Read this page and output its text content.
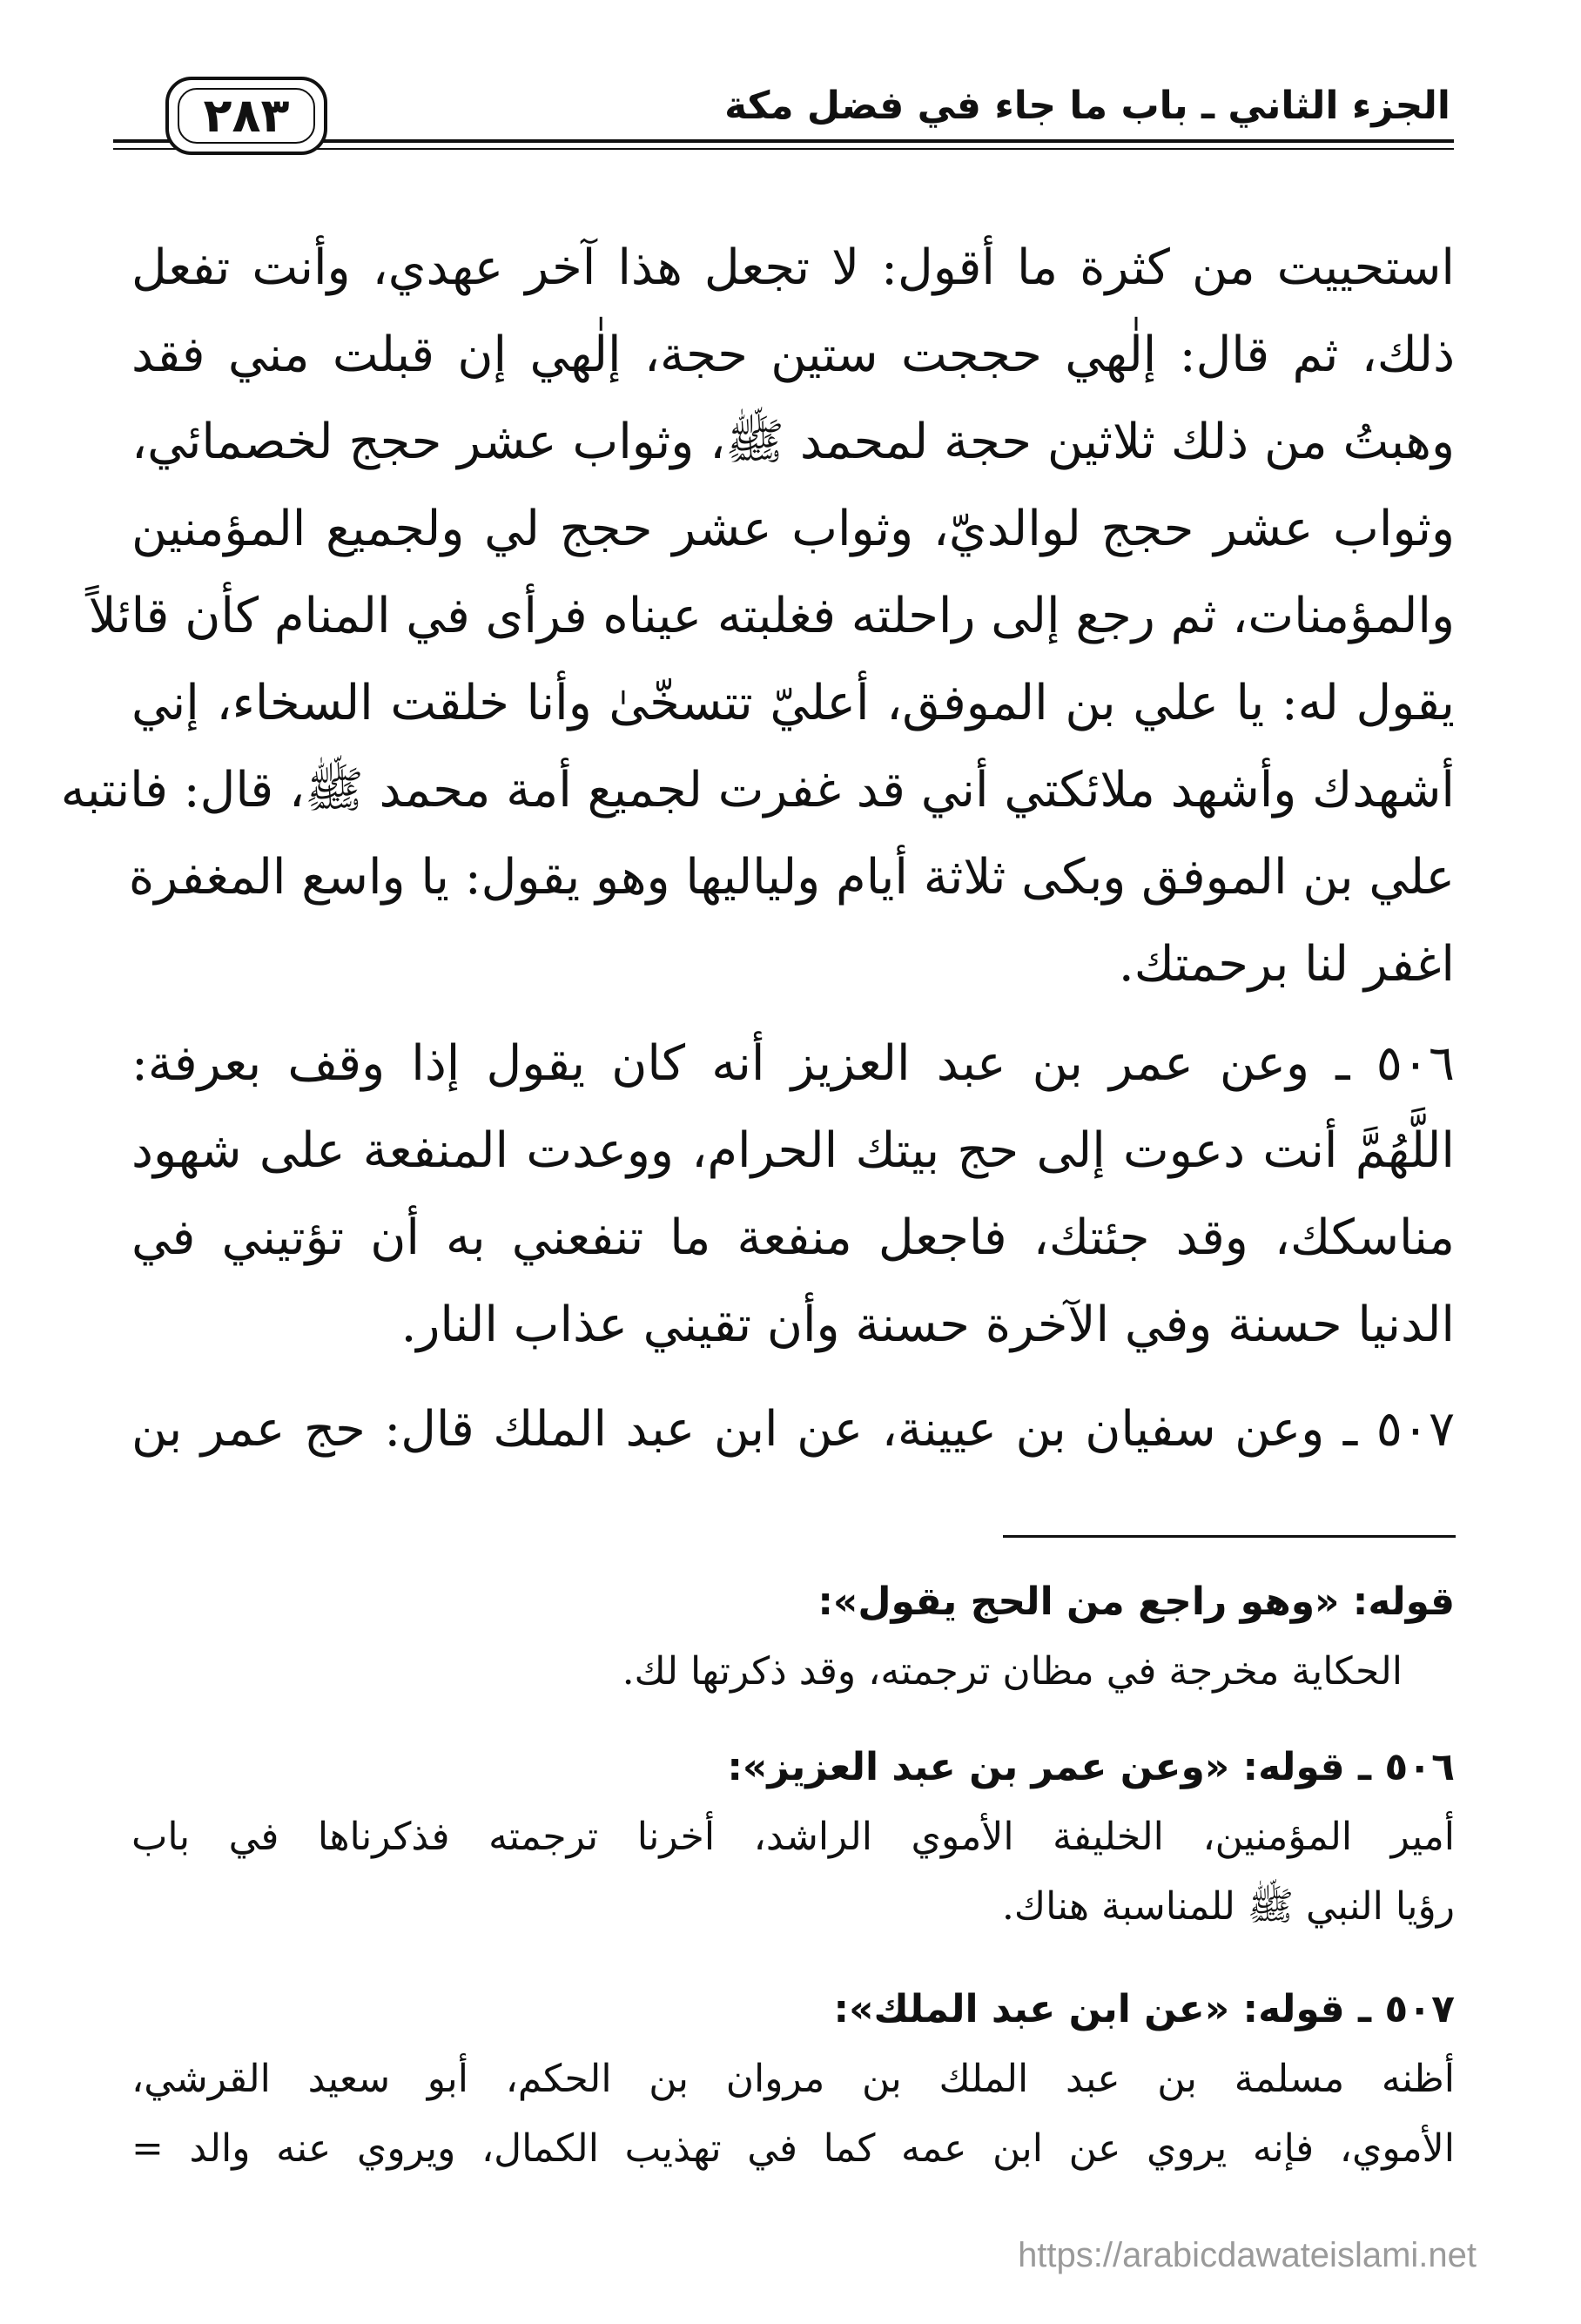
الجزء الثاني ـ باب ما جاء في فضل مكة
٢٨٣
استحييت من كثرة ما أقول: لا تجعل هذا آخر عهدي، وأنت تفعل
ذلك، ثم قال: إلٰهي حججت ستين حجة، إلٰهي إن قبلت مني فقد
وهبتُ من ذلك ثلاثين حجة لمحمد ﷺ، وثواب عشر حجج لخصمائي،
وثواب عشر حجج لوالديّ، وثواب عشر حجج لي ولجميع المؤمنين
والمؤمنات، ثم رجع إلى راحلته فغلبته عيناه فرأى في المنام كأن قائلاً
يقول له: يا علي بن الموفق، أعليّ تتسخّىٰ وأنا خلقت السخاء، إني
أشهدك وأشهد ملائكتي أني قد غفرت لجميع أمة محمد ﷺ، قال: فانتبه
علي بن الموفق وبكى ثلاثة أيام ولياليها وهو يقول: يا واسع المغفرة
اغفر لنا برحمتك.
٥٠٦ ـ وعن عمر بن عبد العزيز أنه كان يقول إذا وقف بعرفة:
اللَّهُمَّ أنت دعوت إلى حج بيتك الحرام، ووعدت المنفعة على شهود
مناسكك، وقد جئتك، فاجعل منفعة ما تنفعني به أن تؤتيني في
الدنيا حسنة وفي الآخرة حسنة وأن تقيني عذاب النار.
٥٠٧ ـ وعن سفيان بن عيينة، عن ابن عبد الملك قال: حج عمر بن
قوله: «وهو راجع من الحج يقول»:
الحكاية مخرجة في مظان ترجمته، وقد ذكرتها لك.
٥٠٦ ـ قوله: «وعن عمر بن عبد العزيز»:
أمير المؤمنين، الخليفة الأموي الراشد، أخرنا ترجمته فذكرناها في باب
رؤيا النبي ﷺ للمناسبة هناك.
٥٠٧ ـ قوله: «عن ابن عبد الملك»:
أظنه مسلمة بن عبد الملك بن مروان بن الحكم، أبو سعيد القرشي،
الأموي، فإنه يروي عن ابن عمه كما في تهذيب الكمال، ويروي عنه والد =
https://arabicdawateislami.net
